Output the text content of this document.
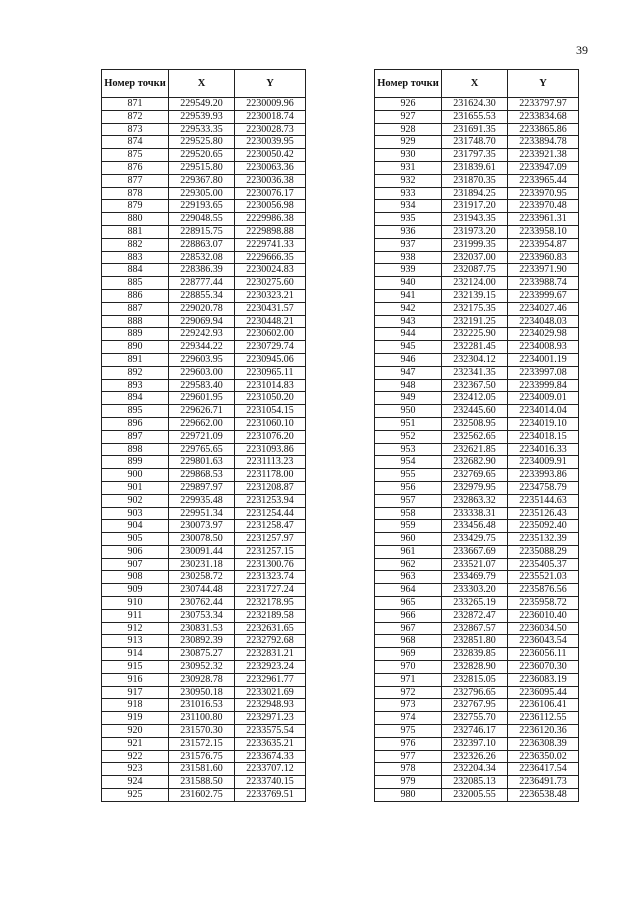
39
Номер точки	X	Y
871	229549.20	2230009.96
872	229539.93	2230018.74
873	229533.35	2230028.73
874	229525.80	2230039.95
875	229520.65	2230050.42
876	229515.80	2230063.36
877	229367.80	2230036.38
878	229305.00	2230076.17
879	229193.65	2230056.98
880	229048.55	2229986.38
881	228915.75	2229898.88
882	228863.07	2229741.33
883	228532.08	2229666.35
884	228386.39	2230024.83
885	228777.44	2230275.60
886	228855.34	2230323.21
887	229020.78	2230431.57
888	229069.94	2230448.21
889	229242.93	2230602.00
890	229344.22	2230729.74
891	229603.95	2230945.06
892	229603.00	2230965.11
893	229583.40	2231014.83
894	229601.95	2231050.20
895	229626.71	2231054.15
896	229662.00	2231060.10
897	229721.09	2231076.20
898	229765.65	2231093.86
899	229801.63	2231113.23
900	229868.53	2231178.00
901	229897.97	2231208.87
902	229935.48	2231253.94
903	229951.34	2231254.44
904	230073.97	2231258.47
905	230078.50	2231257.97
906	230091.44	2231257.15
907	230231.18	2231300.76
908	230258.72	2231323.74
909	230744.48	2231727.24
910	230762.44	2232178.95
911	230753.34	2232189.58
912	230831.53	2232631.65
913	230892.39	2232792.68
914	230875.27	2232831.21
915	230952.32	2232923.24
916	230928.78	2232961.77
917	230950.18	2233021.69
918	231016.53	2232948.93
919	231100.80	2232971.23
920	231570.30	2233575.54
921	231572.15	2233635.21
922	231576.75	2233674.33
923	231581.60	2233707.12
924	231588.50	2233740.15
925	231602.75	2233769.51
Номер точки	X	Y
926	231624.30	2233797.97
927	231655.53	2233834.68
928	231691.35	2233865.86
929	231748.70	2233894.78
930	231797.35	2233921.38
931	231839.61	2233947.09
932	231870.35	2233965.44
933	231894.25	2233970.95
934	231917.20	2233970.48
935	231943.35	2233961.31
936	231973.20	2233958.10
937	231999.35	2233954.87
938	232037.00	2233960.83
939	232087.75	2233971.90
940	232124.00	2233988.74
941	232139.15	2233999.67
942	232175.35	2234027.46
943	232191.25	2234048.03
944	232225.90	2234029.98
945	232281.45	2234008.93
946	232304.12	2234001.19
947	232341.35	2233997.08
948	232367.50	2233999.84
949	232412.05	2234009.01
950	232445.60	2234014.04
951	232508.95	2234019.10
952	232562.65	2234018.15
953	232621.85	2234016.33
954	232682.90	2234009.91
955	232769.65	2233993.86
956	232979.95	2234758.79
957	232863.32	2235144.63
958	233338.31	2235126.43
959	233456.48	2235092.40
960	233429.75	2235132.39
961	233667.69	2235088.29
962	233521.07	2235405.37
963	233469.79	2235521.03
964	233303.20	2235876.56
965	233265.19	2235958.72
966	232872.47	2236010.40
967	232867.57	2236034.50
968	232851.80	2236043.54
969	232839.85	2236056.11
970	232828.90	2236070.30
971	232815.05	2236083.19
972	232796.65	2236095.44
973	232767.95	2236106.41
974	232755.70	2236112.55
975	232746.17	2236120.36
976	232397.10	2236308.39
977	232326.26	2236350.02
978	232204.34	2236417.54
979	232085.13	2236491.73
980	232005.55	2236538.48
